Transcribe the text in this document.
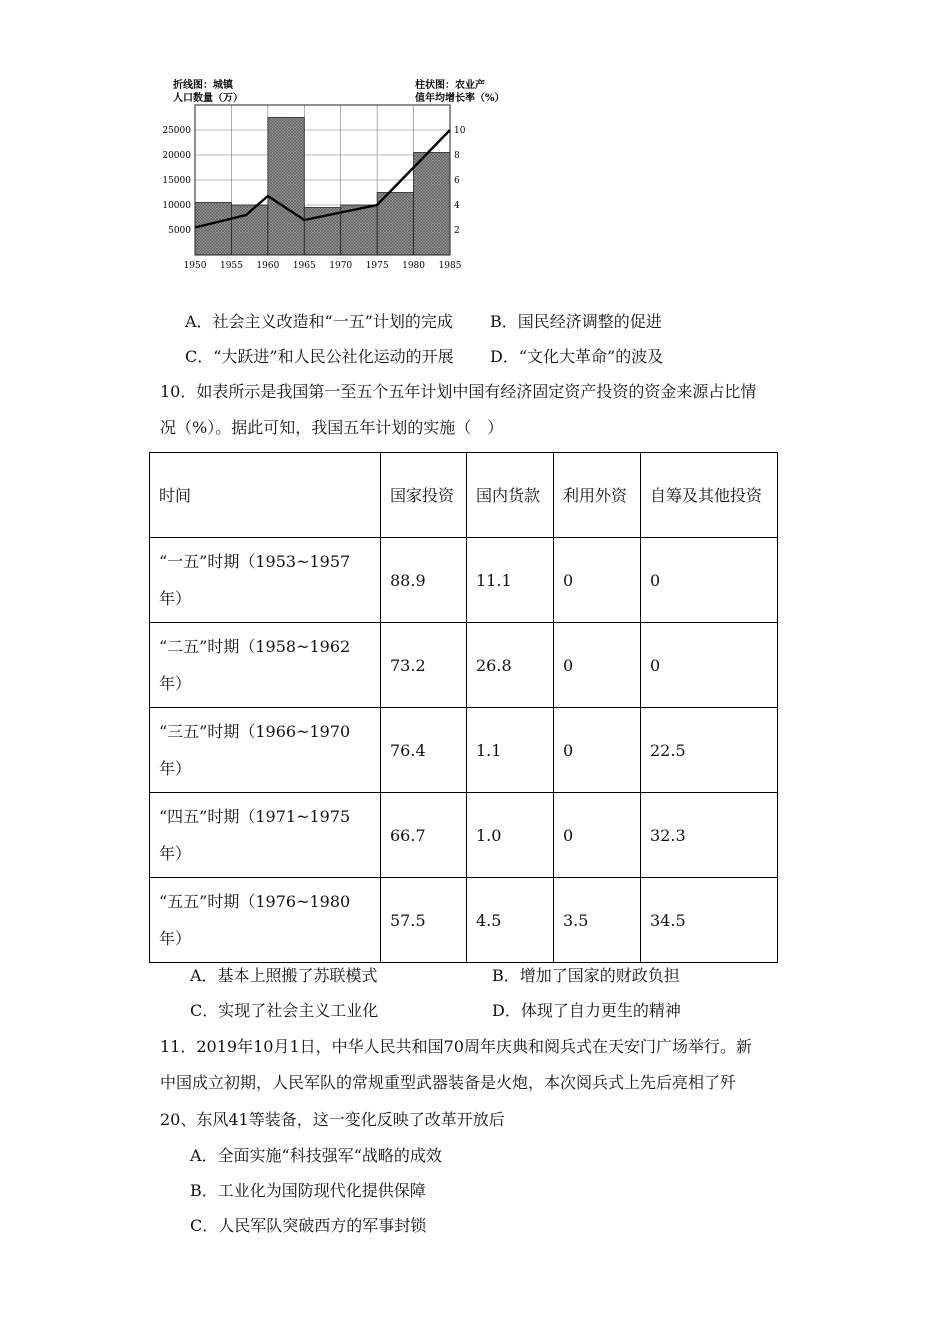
折线图：城镇
人口数量（万）
柱状图：农业产
值年均增长率（%）
1950 1955 1960 1965 1970 1975 1980 1985
5000
10000
15000
20000
25000
2
4
6
8
10
A．社会主义改造和“一五”计划的完成 B．国民经济调整的促进
C．“大跃进”和人民公社化运动的开展 D．“文化大革命”的波及
10．如表所示是我国第一至五个五年计划中国有经济固定资产投资的资金来源占比情
况（%）。据此可知，我国五年计划的实施（　）
时间	国家投资	国内货款	利用外资	自筹及其他投资
“一五”时期（1953~1957年）	88.9	11.1	0	0
“二五”时期（1958~1962年）	73.2	26.8	0	0
“三五”时期（1966~1970年）	76.4	1.1	0	22.5
“四五”时期（1971~1975年）	66.7	1.0	0	32.3
“五五”时期（1976~1980年）	57.5	4.5	3.5	34.5
A．基本上照搬了苏联模式	B．增加了国家的财政负担
C．实现了社会主义工业化	D．体现了自力更生的精神
11．2019年10月1日，中华人民共和国70周年庆典和阅兵式在天安门广场举行。新
中国成立初期，人民军队的常规重型武器装备是火炮，本次阅兵式上先后亮相了歼
20、东风41等装备，这一变化反映了改革开放后
A．全面实施“科技强军“战略的成效
B．工业化为国防现代化提供保障
C．人民军队突破西方的军事封锁
